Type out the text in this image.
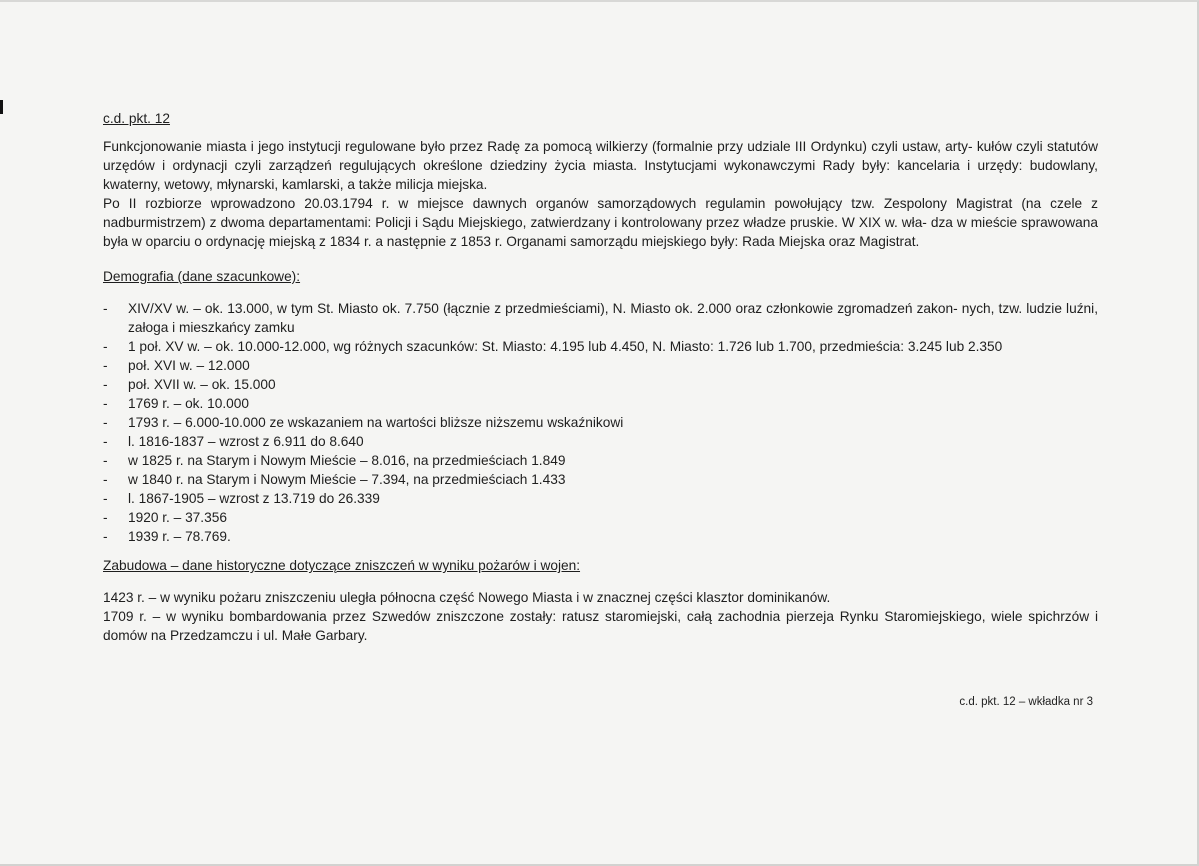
c.d. pkt. 12

Funkcjonowanie miasta i jego instytucji regulowane było przez Radę za pomocą wilkierzy (formalnie przy udziale III Ordynku) czyli ustaw, arty- kułów czyli statutów urzędów i ordynacji czyli zarządzeń regulujących określone dziedziny życia miasta. Instytucjami wykonawczymi Rady były: kancelaria i urzędy: budowlany, kwaterny, wetowy, młynarski, kamlarski, a także milicja miejska.

Po II rozbiorze wprowadzono 20.03.1794 r. w miejsce dawnych organów samorządowych regulamin powołujący tzw. Zespolony Magistrat (na czele z nadburmistrzem) z dwoma departamentami: Policji i Sądu Miejskiego, zatwierdzany i kontrolowany przez władze pruskie. W XIX w. wła- dza w mieście sprawowana była w oparciu o ordynację miejską z 1834 r. a następnie z 1853 r. Organami samorządu miejskiego były: Rada Miejska oraz Magistrat.

Demografia (dane szacunkowe):

- XIV/XV w. – ok. 13.000, w tym St. Miasto ok. 7.750 (łącznie z przedmieściami), N. Miasto ok. 2.000 oraz członkowie zgromadzeń zakon- nych, tzw. ludzie luźni, załoga i mieszkańcy zamku
- 1 poł. XV w. – ok. 10.000-12.000, wg różnych szacunków: St. Miasto: 4.195 lub 4.450, N. Miasto: 1.726 lub 1.700, przedmieścia: 3.245 lub 2.350
- poł. XVI w. – 12.000
- poł. XVII w. – ok. 15.000
- 1769 r. – ok. 10.000
- 1793 r. – 6.000-10.000 ze wskazaniem na wartości bliższe niższemu wskaźnikowi
- l. 1816-1837 – wzrost z 6.911 do 8.640
- w 1825 r. na Starym i Nowym Mieście – 8.016, na przedmieściach 1.849
- w 1840 r. na Starym i Nowym Mieście – 7.394, na przedmieściach 1.433
- l. 1867-1905 – wzrost z 13.719 do 26.339
- 1920 r. – 37.356
- 1939 r. – 78.769.

Zabudowa – dane historyczne dotyczące zniszczeń w wyniku pożarów i wojen:

1423 r. – w wyniku pożaru zniszczeniu uległa północna część Nowego Miasta i w znacznej części klasztor dominikanów.

1709 r. – w wyniku bombardowania przez Szwedów zniszczone zostały: ratusz staromiejski, całą zachodnia pierzeja Rynku Staromiejskiego, wiele spichrzów i domów na Przedzamczu i ul. Małe Garbary.

c.d. pkt. 12 – wkładka nr 3
